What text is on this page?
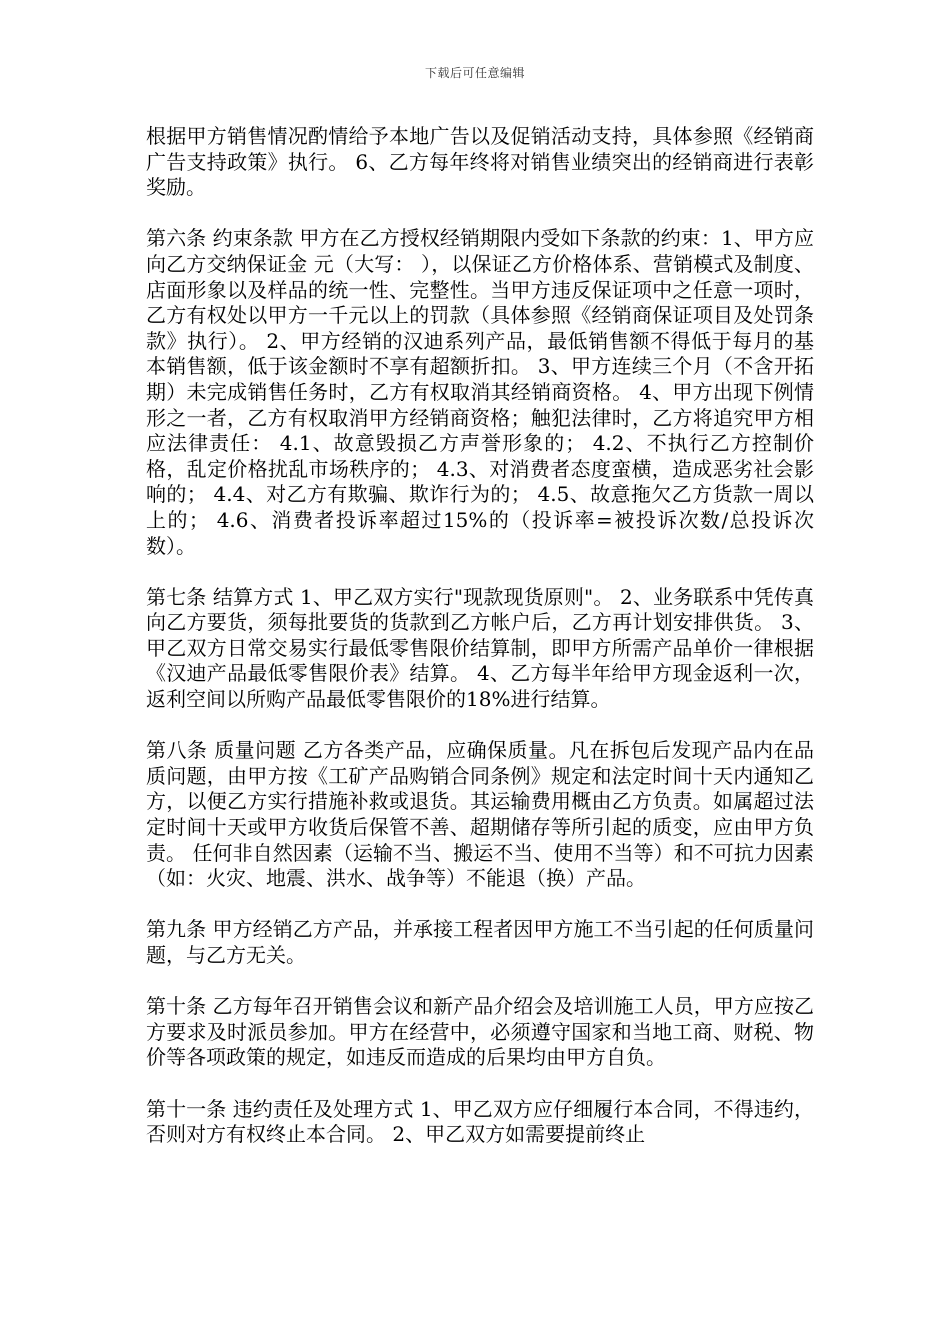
下载后可任意编辑

根据甲方销售情况酌情给予本地广告以及促销活动支持，具体参照《经销商广告支持政策》执行。 6、乙方每年终将对销售业绩突出的经销商进行表彰奖励。

第六条 约束条款 甲方在乙方授权经销期限内受如下条款的约束：1、甲方应向乙方交纳保证金 元（大写： ），以保证乙方价格体系、营销模式及制度、店面形象以及样品的统一性、完整性。当甲方违反保证项中之任意一项时，乙方有权处以甲方一千元以上的罚款（具体参照《经销商保证项目及处罚条款》执行）。 2、甲方经销的汉迪系列产品，最低销售额不得低于每月的基本销售额，低于该金额时不享有超额折扣。 3、甲方连续三个月（不含开拓期）未完成销售任务时，乙方有权取消其经销商资格。 4、甲方出现下例情形之一者，乙方有权取消甲方经销商资格；触犯法律时，乙方将追究甲方相应法律责任： 4.1、故意毁损乙方声誉形象的； 4.2、不执行乙方控制价格，乱定价格扰乱市场秩序的； 4.3、对消费者态度蛮横，造成恶劣社会影响的； 4.4、对乙方有欺骗、欺诈行为的； 4.5、故意拖欠乙方货款一周以上的； 4.6、消费者投诉率超过15%的（投诉率=被投诉次数/总投诉次数）。

第七条 结算方式 1、甲乙双方实行"现款现货原则"。 2、业务联系中凭传真向乙方要货，须每批要货的货款到乙方帐户后，乙方再计划安排供货。 3、甲乙双方日常交易实行最低零售限价结算制，即甲方所需产品单价一律根据《汉迪产品最低零售限价表》结算。 4、乙方每半年给甲方现金返利一次，返利空间以所购产品最低零售限价的18%进行结算。

第八条 质量问题 乙方各类产品，应确保质量。凡在拆包后发现产品内在品质问题，由甲方按《工矿产品购销合同条例》规定和法定时间十天内通知乙方，以便乙方实行措施补救或退货。其运输费用概由乙方负责。如属超过法定时间十天或甲方收货后保管不善、超期储存等所引起的质变，应由甲方负责。 任何非自然因素（运输不当、搬运不当、使用不当等）和不可抗力因素（如：火灾、地震、洪水、战争等）不能退（换）产品。

第九条 甲方经销乙方产品，并承接工程者因甲方施工不当引起的任何质量问题，与乙方无关。

第十条 乙方每年召开销售会议和新产品介绍会及培训施工人员，甲方应按乙方要求及时派员参加。甲方在经营中，必须遵守国家和当地工商、财税、物价等各项政策的规定，如违反而造成的后果均由甲方自负。

第十一条 违约责任及处理方式 1、甲乙双方应仔细履行本合同，不得违约，否则对方有权终止本合同。 2、甲乙双方如需要提前终止
